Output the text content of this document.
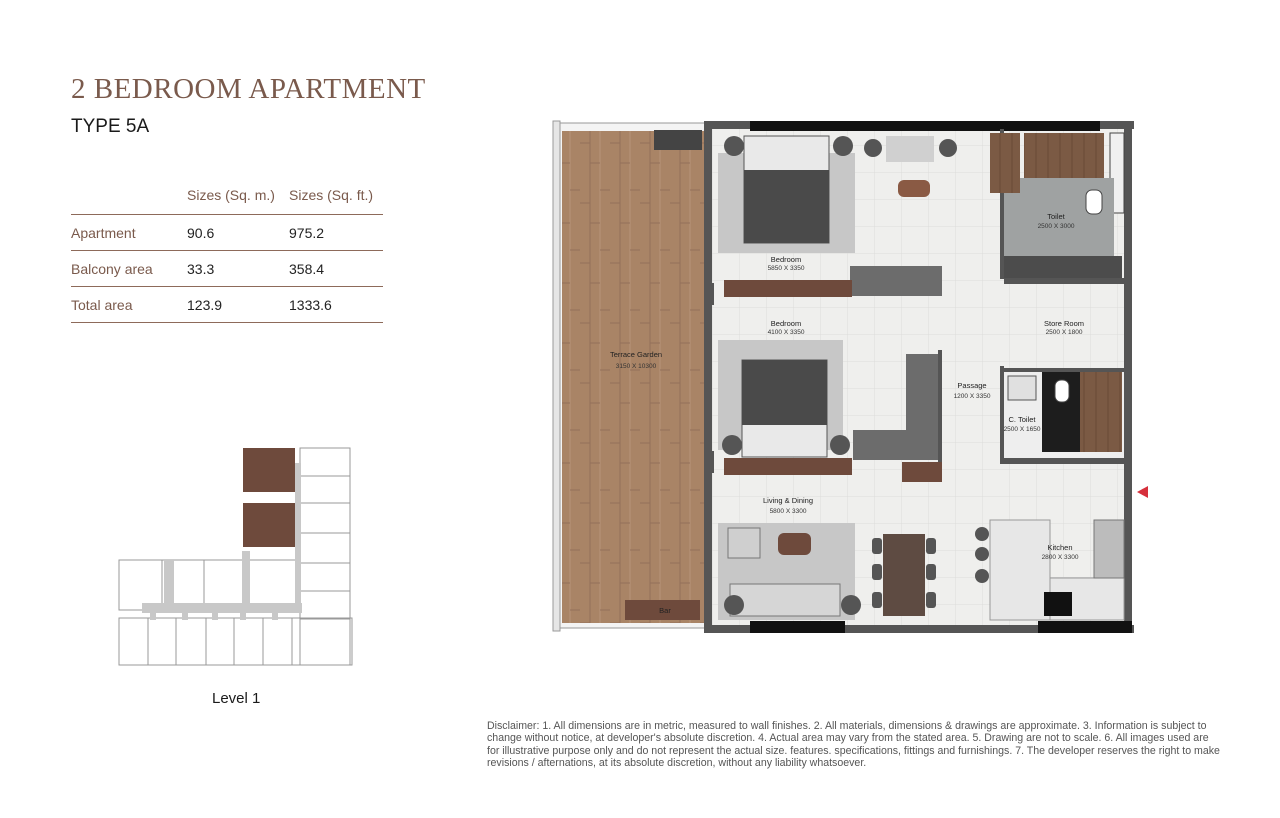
2 BEDROOM APARTMENT
TYPE 5A
	Sizes (Sq. m.)	Sizes (Sq. ft.)
Apartment	90.6	975.2
Balcony area	33.3	358.4
Total area	123.9	1333.6
Level 1
Terrace Garden
3150 X 10300
Bar
Bedroom
5850 X 3350
Bedroom
4100 X 3350
Toilet
2500 X 3000
Store Room
2500 X 1800
Passage
1200 X 3350
C. Toilet
2500 X 1650
Living & Dining
5800 X 3300
Kitchen
2800 X 3300
Disclaimer: 1. All dimensions are in metric, measured to wall finishes. 2. All materials, dimensions & drawings are approximate. 3. Information is subject to change without notice, at developer's absolute discretion. 4. Actual area may vary from the stated area. 5. Drawing are not to scale. 6. All images used are for illustrative purpose only and do not represent the actual size. features. specifications, fittings and furnishings. 7. The developer reserves the right to make revisions / afternations, at its absolute discretion, without any liability whatsoever.
